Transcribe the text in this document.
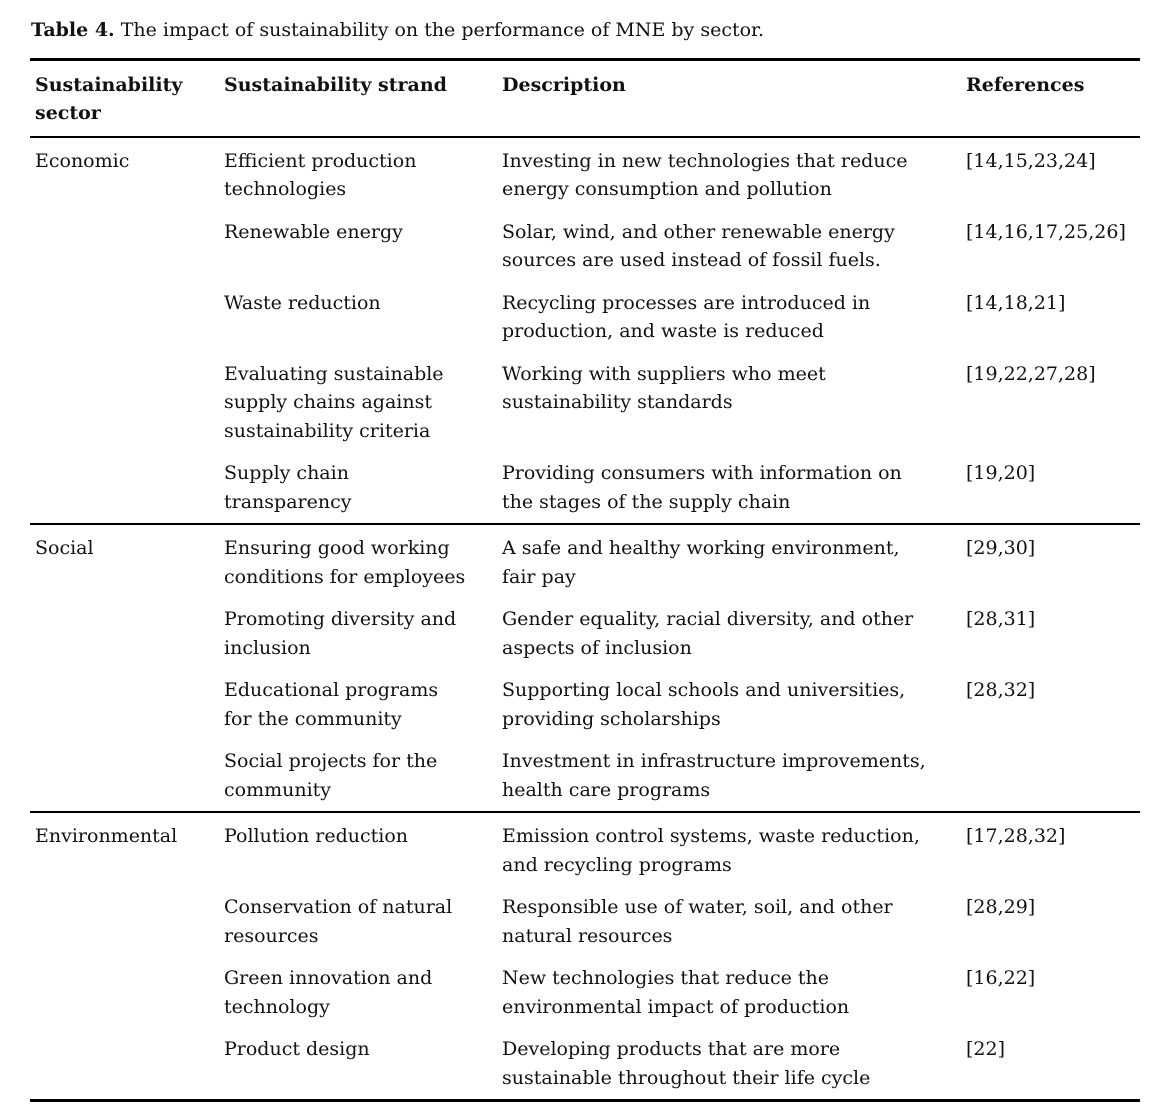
Table 4. The impact of sustainability on the performance of MNE by sector.
Sustainability sector	Sustainability strand	Description	References
Economic	Efficient production technologies	Investing in new technologies that reduce energy consumption and pollution	[14,15,23,24]
	Renewable energy	Solar, wind, and other renewable energy sources are used instead of fossil fuels.	[14,16,17,25,26]
	Waste reduction	Recycling processes are introduced in production, and waste is reduced	[14,18,21]
	Evaluating sustainable supply chains against sustainability criteria	Working with suppliers who meet sustainability standards	[19,22,27,28]
	Supply chain transparency	Providing consumers with information on the stages of the supply chain	[19,20]
Social	Ensuring good working conditions for employees	A safe and healthy working environment, fair pay	[29,30]
	Promoting diversity and inclusion	Gender equality, racial diversity, and other aspects of inclusion	[28,31]
	Educational programs for the community	Supporting local schools and universities, providing scholarships	[28,32]
	Social projects for the community	Investment in infrastructure improvements, health care programs	
Environmental	Pollution reduction	Emission control systems, waste reduction, and recycling programs	[17,28,32]
	Conservation of natural resources	Responsible use of water, soil, and other natural resources	[28,29]
	Green innovation and technology	New technologies that reduce the environmental impact of production	[16,22]
	Product design	Developing products that are more sustainable throughout their life cycle	[22]
